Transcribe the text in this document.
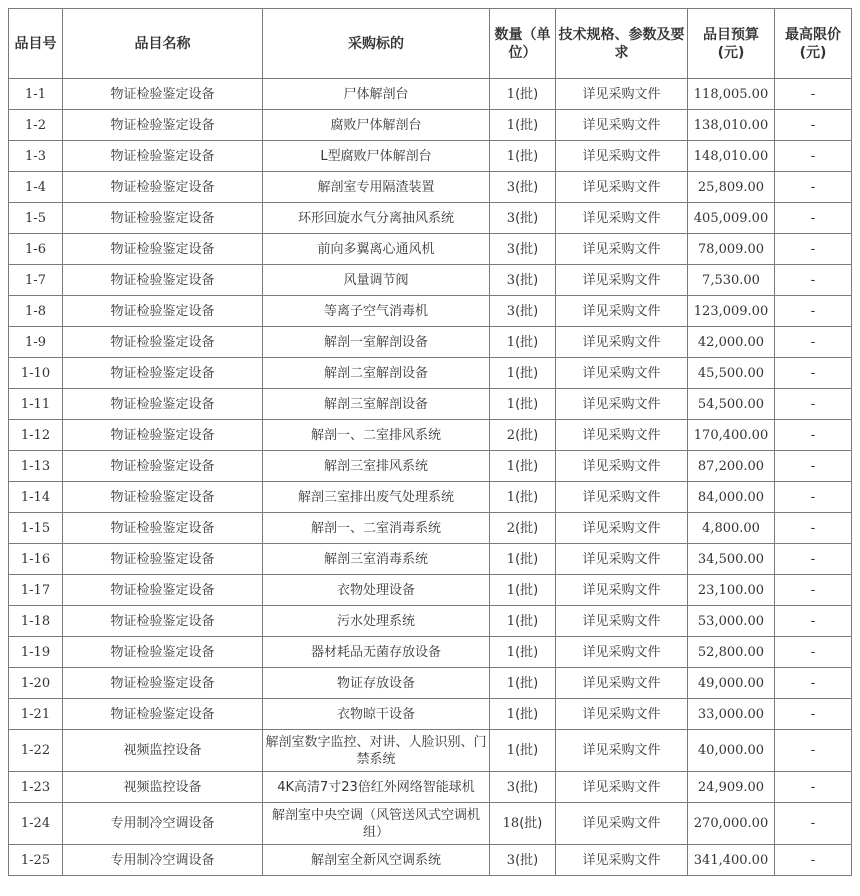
品目号	品目名称	采购标的	数量（单位）	技术规格、参数及要求	品目预算(元)	最高限价(元)
1-1	物证检验鉴定设备	尸体解剖台	1(批)	详见采购文件	118,005.00	-
1-2	物证检验鉴定设备	腐败尸体解剖台	1(批)	详见采购文件	138,010.00	-
1-3	物证检验鉴定设备	L型腐败尸体解剖台	1(批)	详见采购文件	148,010.00	-
1-4	物证检验鉴定设备	解剖室专用隔渣装置	3(批)	详见采购文件	25,809.00	-
1-5	物证检验鉴定设备	环形回旋水气分离抽风系统	3(批)	详见采购文件	405,009.00	-
1-6	物证检验鉴定设备	前向多翼离心通风机	3(批)	详见采购文件	78,009.00	-
1-7	物证检验鉴定设备	风量调节阀	3(批)	详见采购文件	7,530.00	-
1-8	物证检验鉴定设备	等离子空气消毒机	3(批)	详见采购文件	123,009.00	-
1-9	物证检验鉴定设备	解剖一室解剖设备	1(批)	详见采购文件	42,000.00	-
1-10	物证检验鉴定设备	解剖二室解剖设备	1(批)	详见采购文件	45,500.00	-
1-11	物证检验鉴定设备	解剖三室解剖设备	1(批)	详见采购文件	54,500.00	-
1-12	物证检验鉴定设备	解剖一、二室排风系统	2(批)	详见采购文件	170,400.00	-
1-13	物证检验鉴定设备	解剖三室排风系统	1(批)	详见采购文件	87,200.00	-
1-14	物证检验鉴定设备	解剖三室排出废气处理系统	1(批)	详见采购文件	84,000.00	-
1-15	物证检验鉴定设备	解剖一、二室消毒系统	2(批)	详见采购文件	4,800.00	-
1-16	物证检验鉴定设备	解剖三室消毒系统	1(批)	详见采购文件	34,500.00	-
1-17	物证检验鉴定设备	衣物处理设备	1(批)	详见采购文件	23,100.00	-
1-18	物证检验鉴定设备	污水处理系统	1(批)	详见采购文件	53,000.00	-
1-19	物证检验鉴定设备	器材耗品无菌存放设备	1(批)	详见采购文件	52,800.00	-
1-20	物证检验鉴定设备	物证存放设备	1(批)	详见采购文件	49,000.00	-
1-21	物证检验鉴定设备	衣物晾干设备	1(批)	详见采购文件	33,000.00	-
1-22	视频监控设备	解剖室数字监控、对讲、人脸识别、门禁系统	1(批)	详见采购文件	40,000.00	-
1-23	视频监控设备	4K高清7寸23倍红外网络智能球机	3(批)	详见采购文件	24,909.00	-
1-24	专用制冷空调设备	解剖室中央空调（风管送风式空调机组）	18(批)	详见采购文件	270,000.00	-
1-25	专用制冷空调设备	解剖室全新风空调系统	3(批)	详见采购文件	341,400.00	-
